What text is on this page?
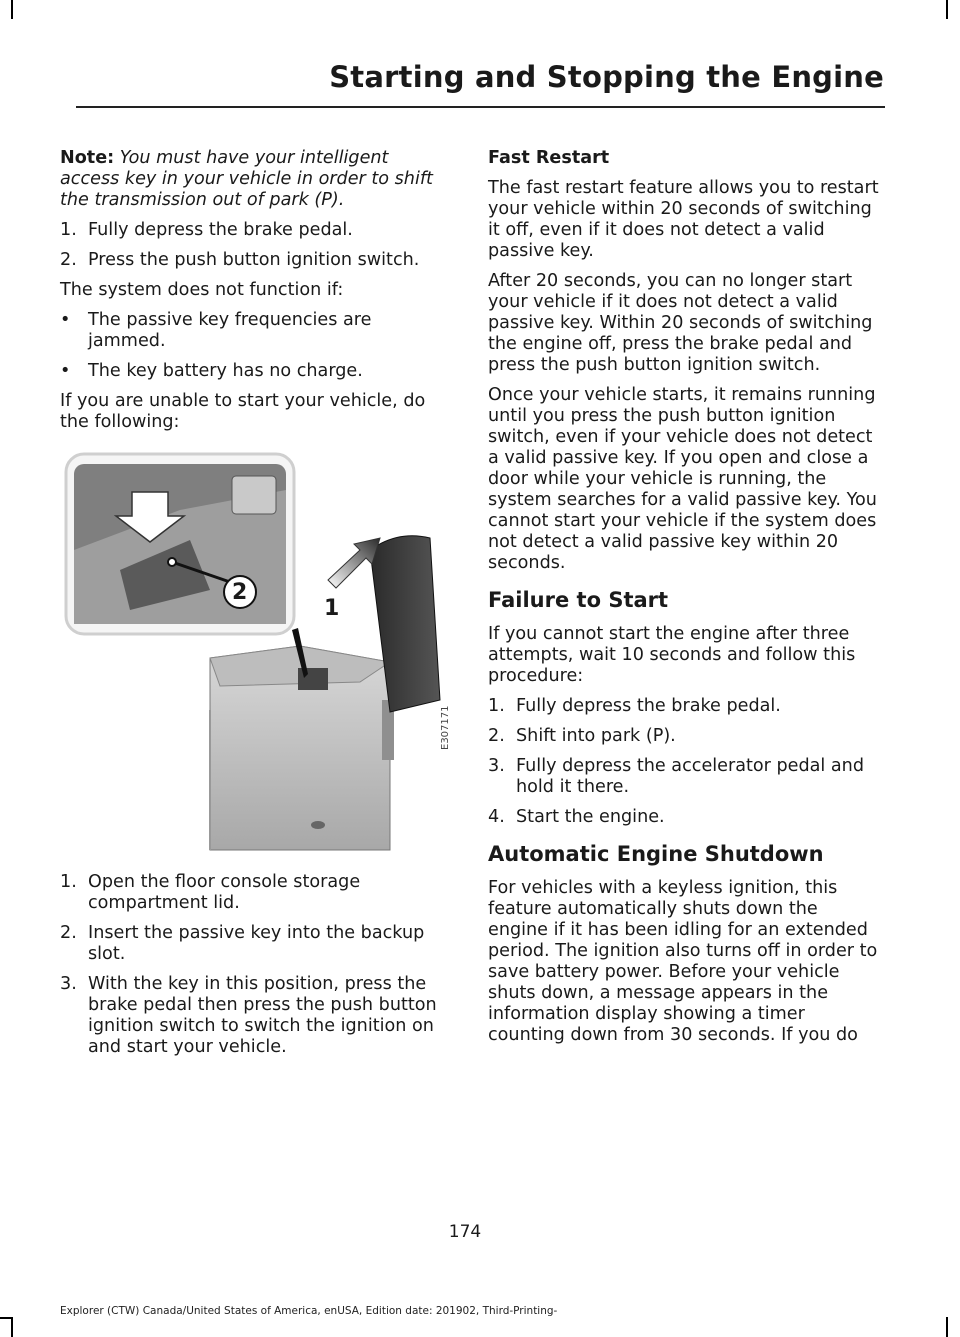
Starting and Stopping the Engine

Note: You must have your intelligent access key in your vehicle in order to shift the transmission out of park (P).

1. Fully depress the brake pedal.
2. Press the push button ignition switch.

The system does not function if:

•	The passive key frequencies are jammed.
•	The key battery has no charge.

If you are unable to start your vehicle, do the following:

2
1
E307171
1. Open the floor console storage compartment lid.
2. Insert the passive key into the backup slot.
3. With the key in this position, press the brake pedal then press the push button ignition switch to switch the ignition on and start your vehicle.
Fast Restart

The fast restart feature allows you to restart your vehicle within 20 seconds of switching it off, even if it does not detect a valid passive key.

After 20 seconds, you can no longer start your vehicle if it does not detect a valid passive key. Within 20 seconds of switching the engine off, press the brake pedal and press the push button ignition switch.

Once your vehicle starts, it remains running until you press the push button ignition switch, even if your vehicle does not detect a valid passive key. If you open and close a door while your vehicle is running, the system searches for a valid passive key. You cannot start your vehicle if the system does not detect a valid passive key within 20 seconds.

Failure to Start

If you cannot start the engine after three attempts, wait 10 seconds and follow this procedure:

1. Fully depress the brake pedal.
2. Shift into park (P).
3. Fully depress the accelerator pedal and hold it there.
4. Start the engine.
Automatic Engine Shutdown

For vehicles with a keyless ignition, this feature automatically shuts down the engine if it has been idling for an extended period. The ignition also turns off in order to save battery power. Before your vehicle shuts down, a message appears in the information display showing a timer counting down from 30 seconds. If you do

174
Explorer (CTW) Canada/United States of America, enUSA, Edition date: 201902, Third-Printing-
